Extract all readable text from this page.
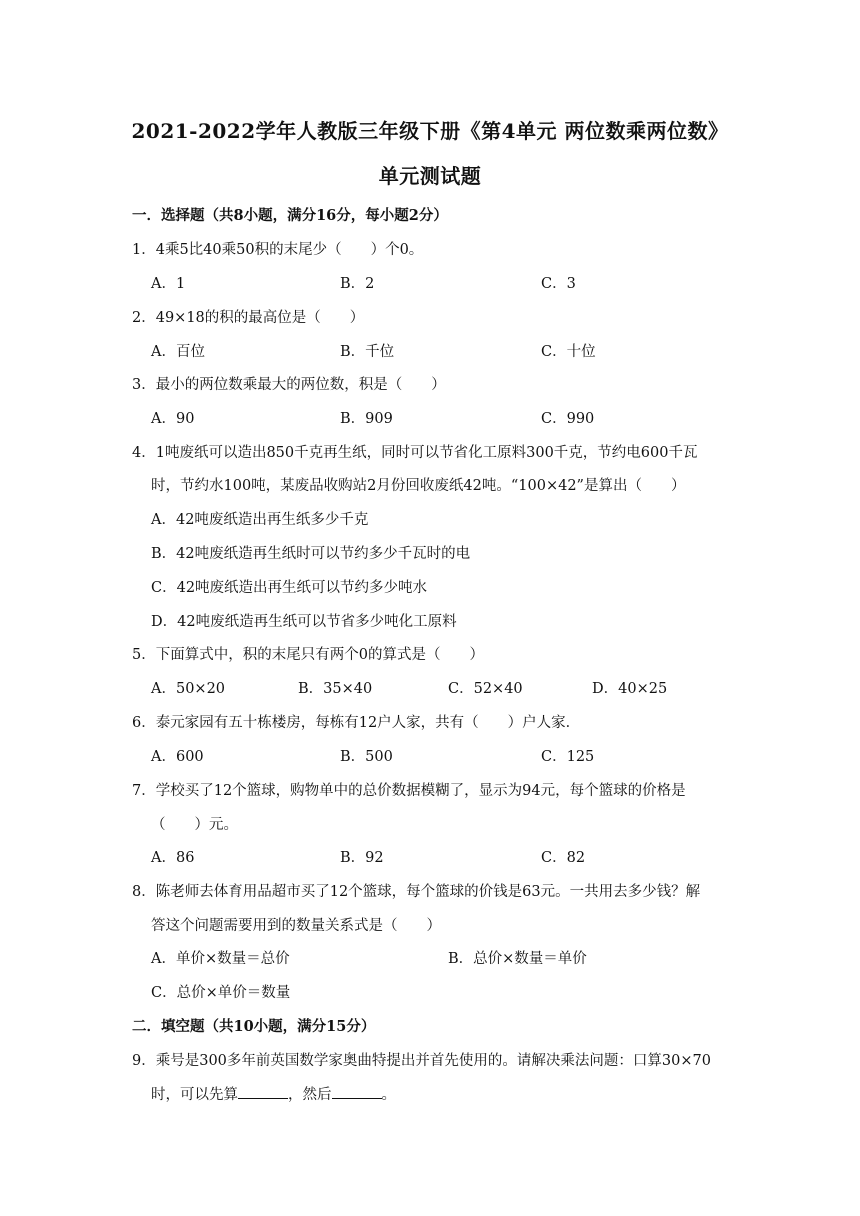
2021-2022学年人教版三年级下册《第4单元 两位数乘两位数》
单元测试题
一．选择题（共8小题，满分16分，每小题2分）
1．4乘5比40乘50积的末尾少（　　）个0。
A．1	B．2	C．3
2．49×18的积的最高位是（　　）
A．百位	B．千位	C．十位
3．最小的两位数乘最大的两位数，积是（　　）
A．90	B．909	C．990
4．1吨废纸可以造出850千克再生纸，同时可以节省化工原料300千克，节约电600千瓦
时，节约水100吨，某废品收购站2月份回收废纸42吨。“100×42”是算出（　　）
A．42吨废纸造出再生纸多少千克
B．42吨废纸造再生纸时可以节约多少千瓦时的电
C．42吨废纸造出再生纸可以节约多少吨水
D．42吨废纸造再生纸可以节省多少吨化工原料
5．下面算式中，积的末尾只有两个0的算式是（　　）
A．50×20	B．35×40	C．52×40	D．40×25
6．泰元家园有五十栋楼房，每栋有12户人家，共有（　　）户人家．
A．600	B．500	C．125
7．学校买了12个篮球，购物单中的总价数据模糊了，显示为94元，每个篮球的价格是
（　　）元。
A．86	B．92	C．82
8．陈老师去体育用品超市买了12个篮球，每个篮球的价钱是63元。一共用去多少钱？解
答这个问题需要用到的数量关系式是（　　）
A．单价×数量＝总价	B．总价×数量＝单价
C．总价×单价＝数量
二．填空题（共10小题，满分15分）
9．乘号是300多年前英国数学家奥曲特提出并首先使用的。请解决乘法问题：口算30×70
时，可以先算	，然后	。
